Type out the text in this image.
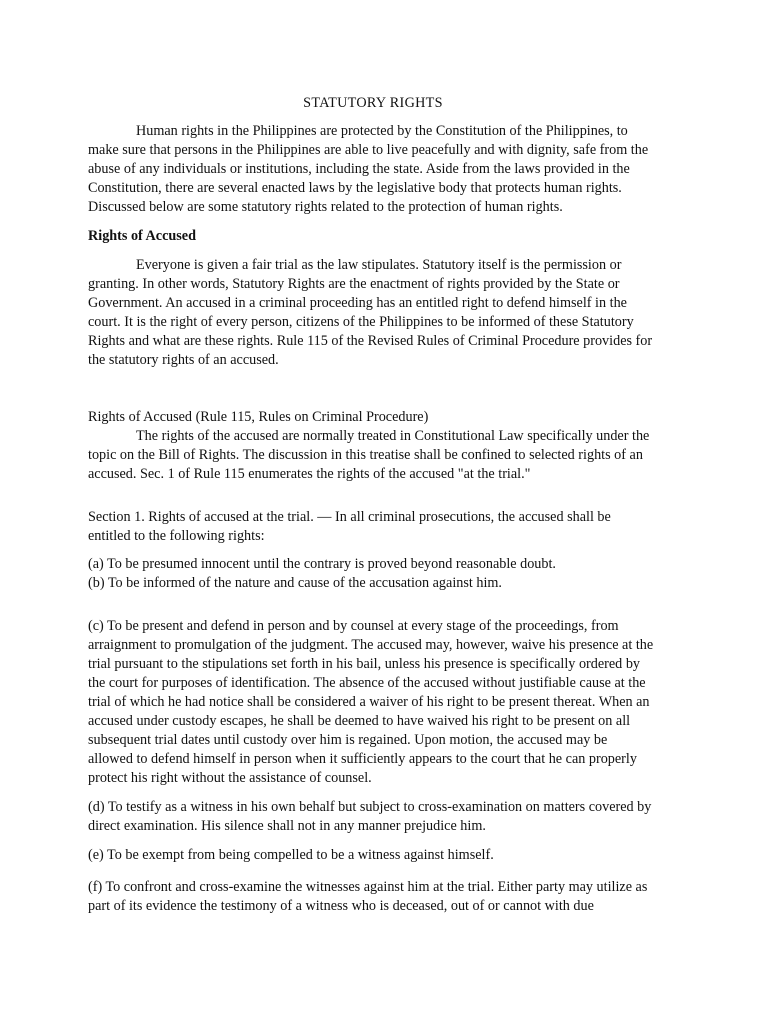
STATUTORY RIGHTS

Human rights in the Philippines are protected by the Constitution of the Philippines, to make sure that persons in the Philippines are able to live peacefully and with dignity, safe from the abuse of any individuals or institutions, including the state. Aside from the laws provided in the Constitution, there are several enacted laws by the legislative body that protects human rights. Discussed below are some statutory rights related to the protection of human rights.

Rights of Accused

Everyone is given a fair trial as the law stipulates. Statutory itself is the permission or granting. In other words, Statutory Rights are the enactment of rights provided by the State or Government. An accused in a criminal proceeding has an entitled right to defend himself in the court. It is the right of every person, citizens of the Philippines to be informed of these Statutory Rights and what are these rights. Rule 115 of the Revised Rules of Criminal Procedure provides for the statutory rights of an accused.

Rights of Accused (Rule 115, Rules on Criminal Procedure)

The rights of the accused are normally treated in Constitutional Law specifically under the topic on the Bill of Rights. The discussion in this treatise shall be confined to selected rights of an accused. Sec. 1 of Rule 115 enumerates the rights of the accused "at the trial."

Section 1. Rights of accused at the trial. — In all criminal prosecutions, the accused shall be entitled to the following rights:

(a) To be presumed innocent until the contrary is proved beyond reasonable doubt.

(b) To be informed of the nature and cause of the accusation against him.

(c) To be present and defend in person and by counsel at every stage of the proceedings, from arraignment to promulgation of the judgment. The accused may, however, waive his presence at the trial pursuant to the stipulations set forth in his bail, unless his presence is specifically ordered by the court for purposes of identification. The absence of the accused without justifiable cause at the trial of which he had notice shall be considered a waiver of his right to be present thereat. When an accused under custody escapes, he shall be deemed to have waived his right to be present on all subsequent trial dates until custody over him is regained. Upon motion, the accused may be allowed to defend himself in person when it sufficiently appears to the court that he can properly protect his right without the assistance of counsel.

(d) To testify as a witness in his own behalf but subject to cross-examination on matters covered by direct examination. His silence shall not in any manner prejudice him.

(e) To be exempt from being compelled to be a witness against himself.

(f) To confront and cross-examine the witnesses against him at the trial. Either party may utilize as part of its evidence the testimony of a witness who is deceased, out of or cannot with due
